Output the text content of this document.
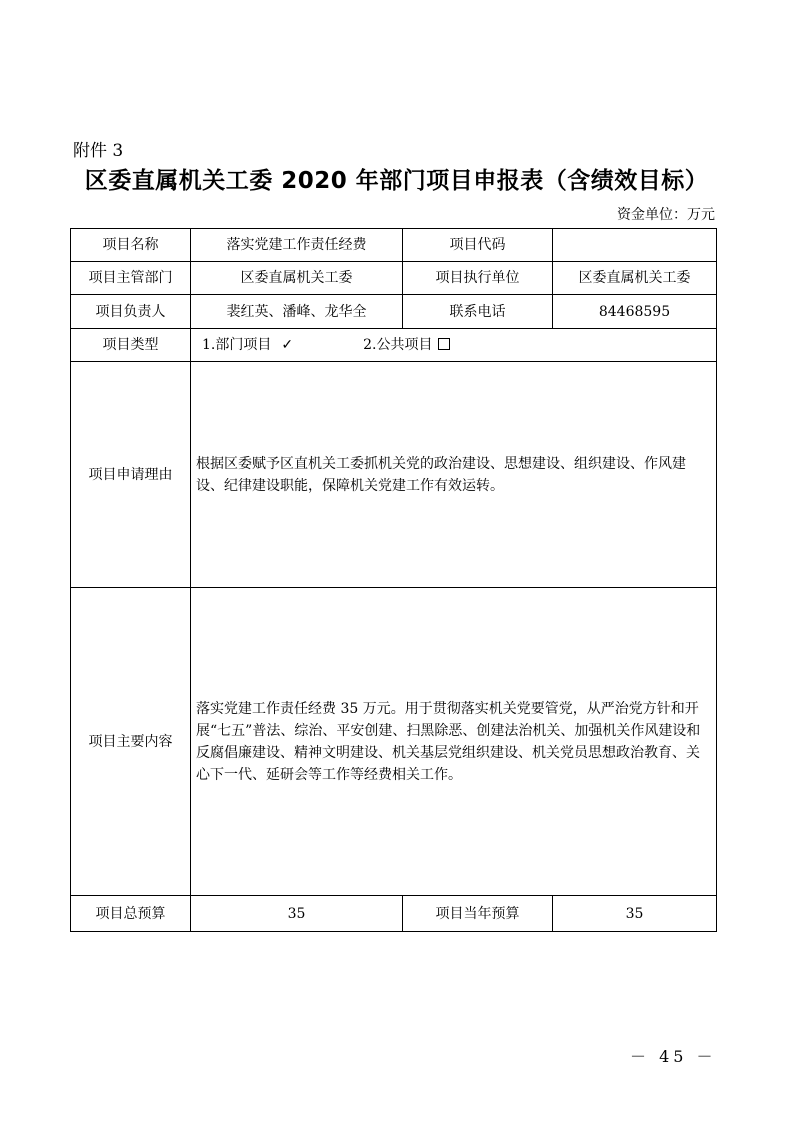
附件 3
区委直属机关工委 2020 年部门项目申报表（含绩效目标）
资金单位：万元
项目名称	落实党建工作责任经费	项目代码	
项目主管部门	区委直属机关工委	项目执行单位	区委直属机关工委
项目负责人	裴红英、潘峰、龙华全	联系电话	84468595
项目类型	1.部门项目 ✓ 2.公共项目		
项目申请理由	根据区委赋予区直机关工委抓机关党的政治建设、思想建设、组织建设、作风建设、纪律建设职能，保障机关党建工作有效运转。		
项目主要内容	落实党建工作责任经费 35 万元。用于贯彻落实机关党要管党，从严治党方针和开展“七五”普法、综治、平安创建、扫黑除恶、创建法治机关、加强机关作风建设和反腐倡廉建设、精神文明建设、机关基层党组织建设、机关党员思想政治教育、关心下一代、延研会等工作等经费相关工作。		
项目总预算	35	项目当年预算	35
－ 45 －
